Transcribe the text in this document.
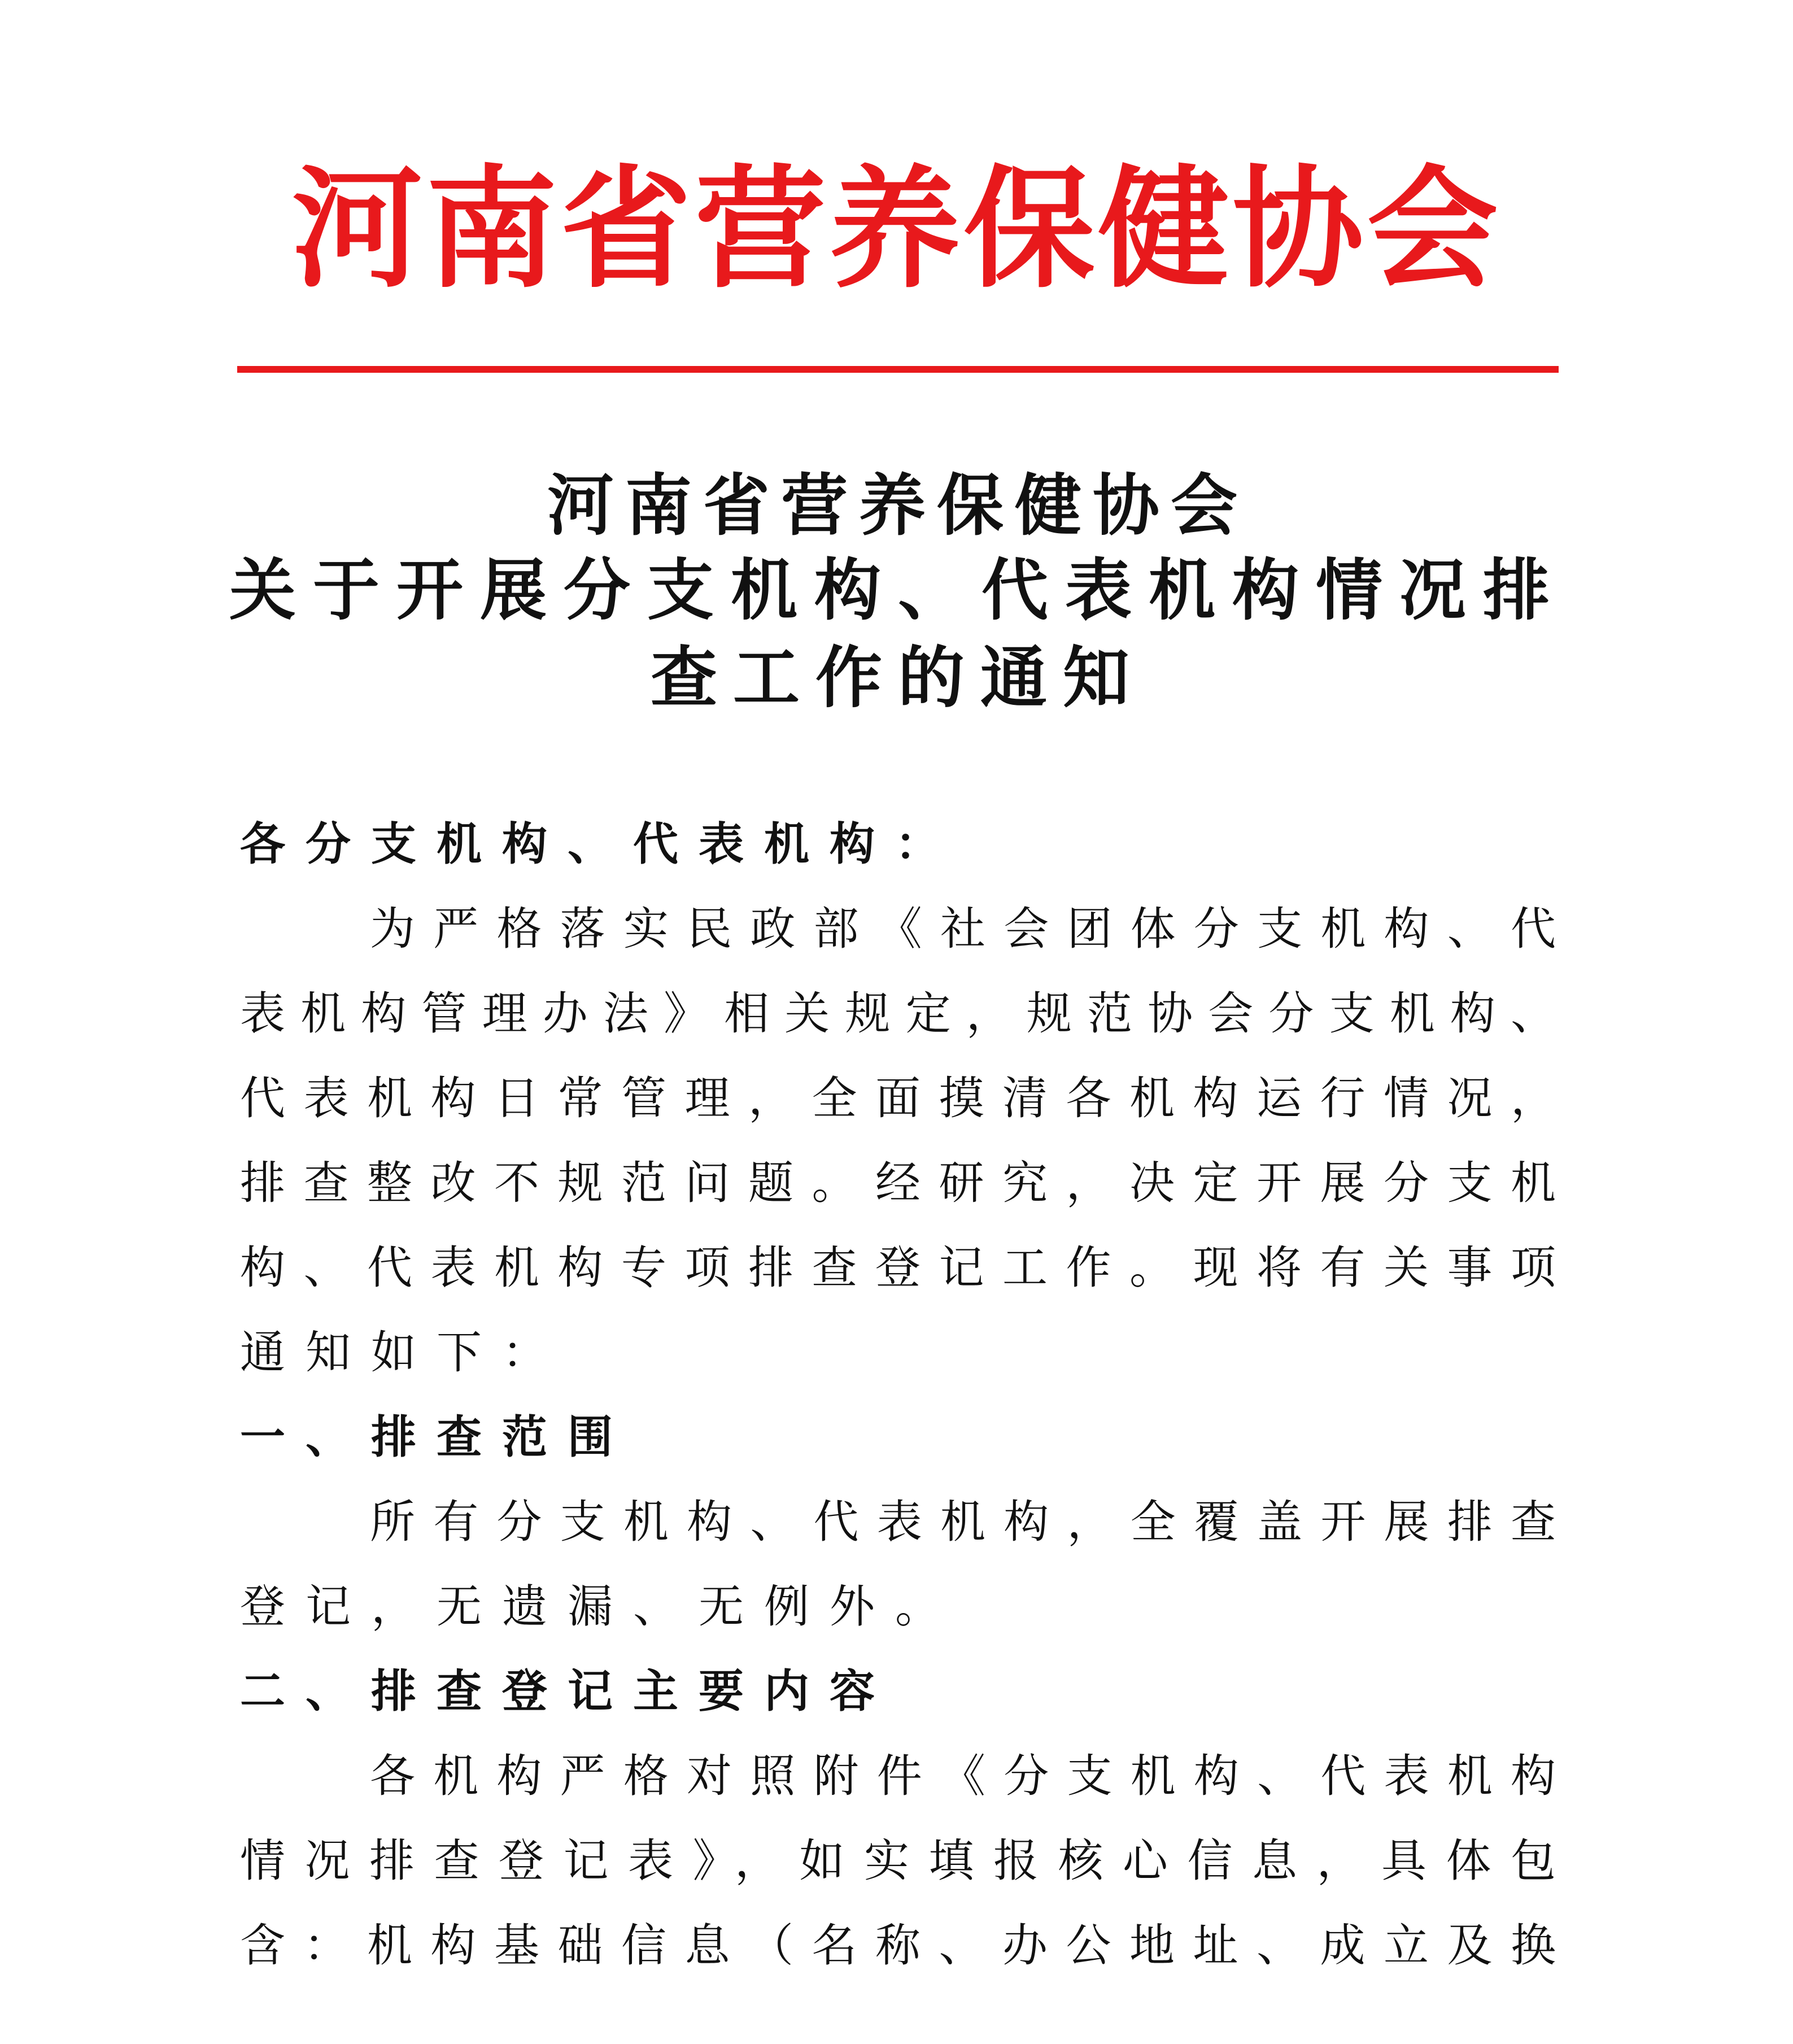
河南省营养保健协会
河南省营养保健协会
关于开展分支机构、代表机构情况排
查工作的通知
各分支机构、代表机构：
为严格落实民政部《社会团体分支机构、代
表机构管理办法》相关规定，规范协会分支机构、
代表机构日常管理，全面摸清各机构运行情况，
排查整改不规范问题。经研究，决定开展分支机
构、代表机构专项排查登记工作。现将有关事项
通知如下：
一、排查范围
所有分支机构、代表机构，全覆盖开展排查
登记，无遗漏、无例外。
二、排查登记主要内容
各机构严格对照附件《分支机构、代表机构
情况排查登记表》，如实填报核心信息，具体包
含：机构基础信息（名称、办公地址、成立及换
